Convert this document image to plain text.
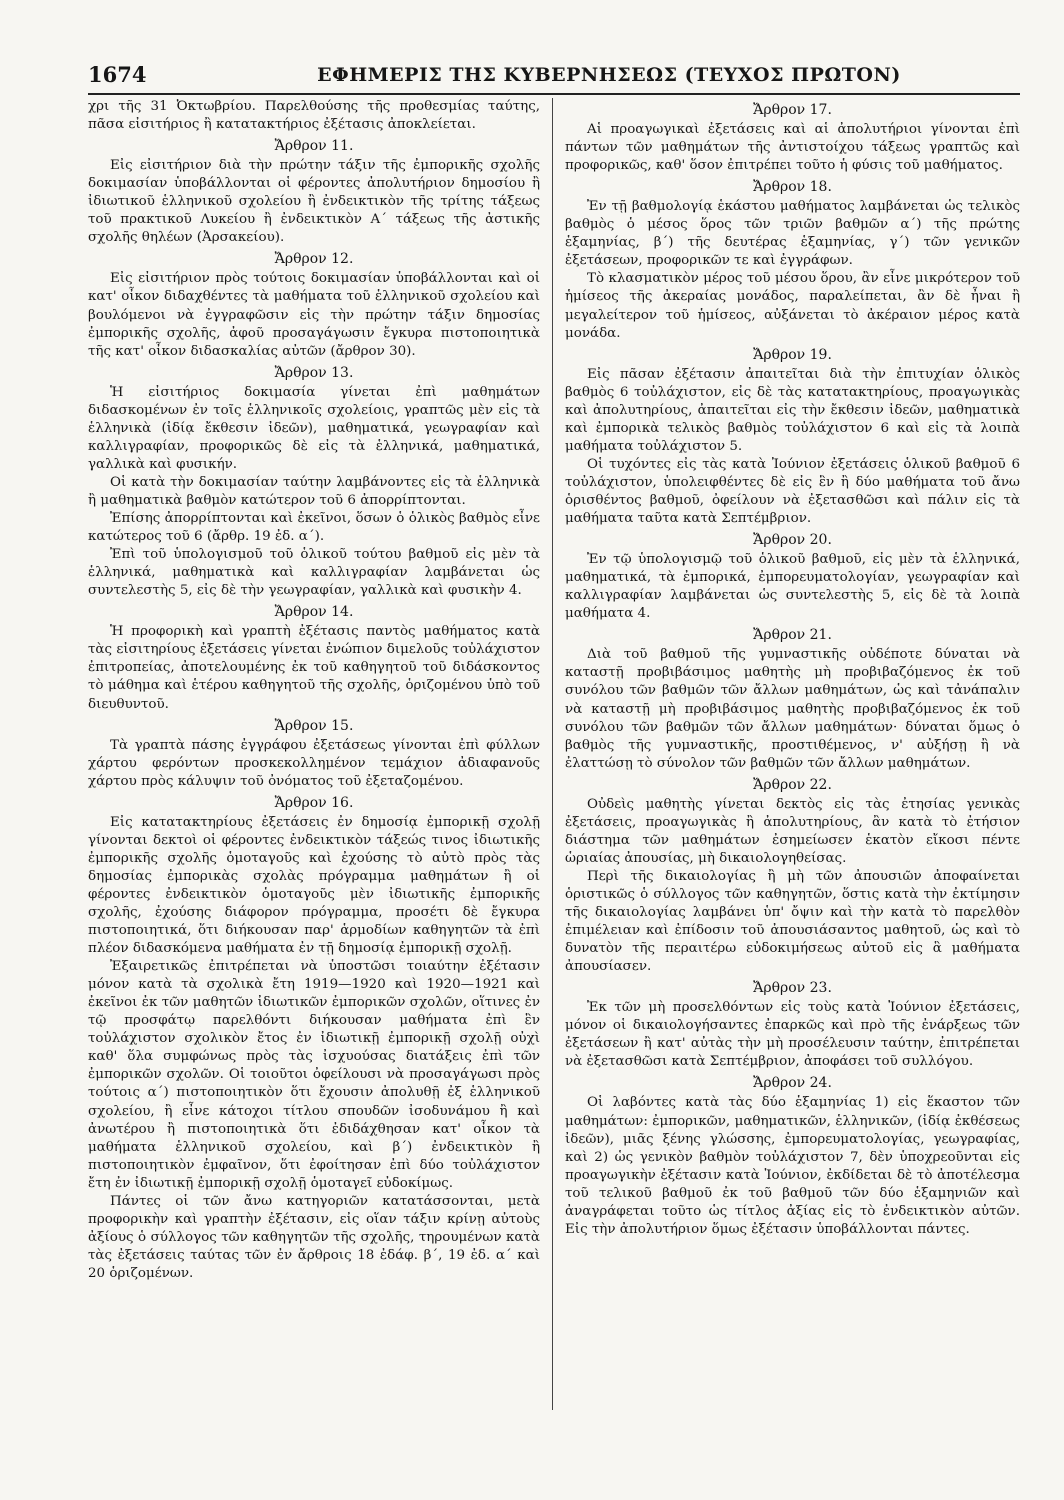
1674	ΕΦΗΜΕΡΙΣ ΤΗΣ ΚΥΒΕΡΝΗΣΕΩΣ (ΤΕΥΧΟΣ ΠΡΩΤΟΝ)

χρι τῆς 31 Ὀκτωβρίου. Παρελθούσης τῆς προθεσμίας ταύτης, πᾶσα εἰσιτήριος ἢ κατατακτήριος ἐξέτασις ἀποκλείεται.

Ἄρθρον 11.

Εἰς εἰσιτήριον διὰ τὴν πρώτην τάξιν τῆς ἐμπορικῆς σχολῆς δοκιμασίαν ὑποβάλλονται οἱ φέροντες ἀπολυτήριον δημοσίου ἢ ἰδιωτικοῦ ἑλληνικοῦ σχολείου ἢ ἐνδεικτικὸν τῆς τρίτης τάξεως τοῦ πρακτικοῦ Λυκείου ἢ ἐνδεικτικὸν Α΄ τάξεως τῆς ἀστικῆς σχολῆς θηλέων (Ἀρσακείου).

Ἄρθρον 12.

Εἰς εἰσιτήριον πρὸς τούτοις δοκιμασίαν ὑποβάλλονται καὶ οἱ κατ' οἶκον διδαχθέντες τὰ μαθήματα τοῦ ἑλληνικοῦ σχολείου καὶ βουλόμενοι νὰ ἐγγραφῶσιν εἰς τὴν πρώτην τάξιν δημοσίας ἐμπορικῆς σχολῆς, ἀφοῦ προσαγάγωσιν ἔγκυρα πιστοποιητικὰ τῆς κατ' οἶκον διδασκαλίας αὐτῶν (ἄρθρον 30).

Ἄρθρον 13.

Ἡ εἰσιτήριος δοκιμασία γίνεται ἐπὶ μαθημάτων διδασκομένων ἐν τοῖς ἑλληνικοῖς σχολείοις, γραπτῶς μὲν εἰς τὰ ἑλληνικὰ (ἰδίᾳ ἔκθεσιν ἰδεῶν), μαθηματικά, γεωγραφίαν καὶ καλλιγραφίαν, προφορικῶς δὲ εἰς τὰ ἑλληνικά, μαθηματικά, γαλλικὰ καὶ φυσικήν.

Οἱ κατὰ τὴν δοκιμασίαν ταύτην λαμβάνοντες εἰς τὰ ἑλληνικὰ ἢ μαθηματικὰ βαθμὸν κατώτερον τοῦ 6 ἀπορρίπτονται.

Ἐπίσης ἀπορρίπτονται καὶ ἐκεῖνοι, ὅσων ὁ ὁλικὸς βαθμὸς εἶνε κατώτερος τοῦ 6 (ἄρθρ. 19 ἐδ. α΄).

Ἐπὶ τοῦ ὑπολογισμοῦ τοῦ ὁλικοῦ τούτου βαθμοῦ εἰς μὲν τὰ ἑλληνικά, μαθηματικὰ καὶ καλλιγραφίαν λαμβάνεται ὡς συντελεστὴς 5, εἰς δὲ τὴν γεωγραφίαν, γαλλικὰ καὶ φυσικὴν 4.

Ἄρθρον 14.

Ἡ προφορικὴ καὶ γραπτὴ ἐξέτασις παντὸς μαθήματος κατὰ τὰς εἰσιτηρίους ἐξετάσεις γίνεται ἐνώπιον διμελοῦς τοὐλάχιστον ἐπιτροπείας, ἀποτελουμένης ἐκ τοῦ καθηγητοῦ τοῦ διδάσκοντος τὸ μάθημα καὶ ἑτέρου καθηγητοῦ τῆς σχολῆς, ὁριζομένου ὑπὸ τοῦ διευθυντοῦ.

Ἄρθρον 15.

Τὰ γραπτὰ πάσης ἐγγράφου ἐξετάσεως γίνονται ἐπὶ φύλλων χάρτου φερόντων προσκεκολλημένον τεμάχιον ἀδιαφανοῦς χάρτου πρὸς κάλυψιν τοῦ ὀνόματος τοῦ ἐξεταζομένου.

Ἄρθρον 16.

Εἰς κατατακτηρίους ἐξετάσεις ἐν δημοσίᾳ ἐμπορικῇ σχολῇ γίνονται δεκτοὶ οἱ φέροντες ἐνδεικτικὸν τάξεώς τινος ἰδιωτικῆς ἐμπορικῆς σχολῆς ὁμοταγοῦς καὶ ἐχούσης τὸ αὐτὸ πρὸς τὰς δημοσίας ἐμπορικὰς σχολὰς πρόγραμμα μαθημάτων ἢ οἱ φέροντες ἐνδεικτικὸν ὁμοταγοῦς μὲν ἰδιωτικῆς ἐμπορικῆς σχολῆς, ἐχούσης διάφορον πρόγραμμα, προσέτι δὲ ἔγκυρα πιστοποιητικά, ὅτι διήκουσαν παρ' ἁρμοδίων καθηγητῶν τὰ ἐπὶ πλέον διδασκόμενα μαθήματα ἐν τῇ δημοσίᾳ ἐμπορικῇ σχολῇ.

Ἐξαιρετικῶς ἐπιτρέπεται νὰ ὑποστῶσι τοιαύτην ἐξέτασιν μόνον κατὰ τὰ σχολικὰ ἔτη 1919—1920 καὶ 1920—1921 καὶ ἐκεῖνοι ἐκ τῶν μαθητῶν ἰδιωτικῶν ἐμπορικῶν σχολῶν, οἵτινες ἐν τῷ προσφάτῳ παρελθόντι διήκουσαν μαθήματα ἐπὶ ἓν τοὐλάχιστον σχολικὸν ἔτος ἐν ἰδιωτικῇ ἐμπορικῇ σχολῇ οὐχὶ καθ' ὅλα συμφώνως πρὸς τὰς ἰσχυούσας διατάξεις ἐπὶ τῶν ἐμπορικῶν σχολῶν. Οἱ τοιοῦτοι ὀφείλουσι νὰ προσαγάγωσι πρὸς τούτοις α΄) πιστοποιητικὸν ὅτι ἔχουσιν ἀπολυθῇ ἐξ ἑλληνικοῦ σχολείου, ἢ εἶνε κάτοχοι τίτλου σπουδῶν ἰσοδυνάμου ἢ καὶ ἀνωτέρου ἢ πιστοποιητικὰ ὅτι ἐδιδάχθησαν κατ' οἶκον τὰ μαθήματα ἑλληνικοῦ σχολείου, καὶ β΄) ἐνδεικτικὸν ἢ πιστοποιητικὸν ἐμφαῖνον, ὅτι ἐφοίτησαν ἐπὶ δύο τοὐλάχιστον ἔτη ἐν ἰδιωτικῇ ἐμπορικῇ σχολῇ ὁμοταγεῖ εὐδοκίμως.

Πάντες οἱ τῶν ἄνω κατηγοριῶν κατατάσσονται, μετὰ προφορικὴν καὶ γραπτὴν ἐξέτασιν, εἰς οἵαν τάξιν κρίνῃ αὐτοὺς ἀξίους ὁ σύλλογος τῶν καθηγητῶν τῆς σχολῆς, τηρουμένων κατὰ τὰς ἐξετάσεις ταύτας τῶν ἐν ἄρθροις 18 ἐδάφ. β΄, 19 ἐδ. α΄ καὶ 20 ὁριζομένων.

Ἄρθρον 17.

Αἱ προαγωγικαὶ ἐξετάσεις καὶ αἱ ἀπολυτήριοι γίνονται ἐπὶ πάντων τῶν μαθημάτων τῆς ἀντιστοίχου τάξεως γραπτῶς καὶ προφορικῶς, καθ' ὅσον ἐπιτρέπει τοῦτο ἡ φύσις τοῦ μαθήματος.

Ἄρθρον 18.

Ἐν τῇ βαθμολογίᾳ ἑκάστου μαθήματος λαμβάνεται ὡς τελικὸς βαθμὸς ὁ μέσος ὅρος τῶν τριῶν βαθμῶν α΄) τῆς πρώτης ἑξαμηνίας, β΄) τῆς δευτέρας ἑξαμηνίας, γ΄) τῶν γενικῶν ἐξετάσεων, προφορικῶν τε καὶ ἐγγράφων.

Τὸ κλασματικὸν μέρος τοῦ μέσου ὅρου, ἂν εἶνε μικρότερον τοῦ ἡμίσεος τῆς ἀκεραίας μονάδος, παραλείπεται, ἂν δὲ ἦναι ἢ μεγαλείτερον τοῦ ἡμίσεος, αὐξάνεται τὸ ἀκέραιον μέρος κατὰ μονάδα.

Ἄρθρον 19.

Εἰς πᾶσαν ἐξέτασιν ἀπαιτεῖται διὰ τὴν ἐπιτυχίαν ὁλικὸς βαθμὸς 6 τοὐλάχιστον, εἰς δὲ τὰς κατατακτηρίους, προαγωγικὰς καὶ ἀπολυτηρίους, ἀπαιτεῖται εἰς τὴν ἔκθεσιν ἰδεῶν, μαθηματικὰ καὶ ἐμπορικὰ τελικὸς βαθμὸς τοὐλάχιστον 6 καὶ εἰς τὰ λοιπὰ μαθήματα τοὐλάχιστον 5.

Οἱ τυχόντες εἰς τὰς κατὰ Ἰούνιον ἐξετάσεις ὁλικοῦ βαθμοῦ 6 τοὐλάχιστον, ὑπολειφθέντες δὲ εἰς ἓν ἢ δύο μαθήματα τοῦ ἄνω ὁρισθέντος βαθμοῦ, ὀφείλουν νὰ ἐξετασθῶσι καὶ πάλιν εἰς τὰ μαθήματα ταῦτα κατὰ Σεπτέμβριον.

Ἄρθρον 20.

Ἐν τῷ ὑπολογισμῷ τοῦ ὁλικοῦ βαθμοῦ, εἰς μὲν τὰ ἑλληνικά, μαθηματικά, τὰ ἐμπορικά, ἐμπορευματολογίαν, γεωγραφίαν καὶ καλλιγραφίαν λαμβάνεται ὡς συντελεστὴς 5, εἰς δὲ τὰ λοιπὰ μαθήματα 4.

Ἄρθρον 21.

Διὰ τοῦ βαθμοῦ τῆς γυμναστικῆς οὐδέποτε δύναται νὰ καταστῇ προβιβάσιμος μαθητὴς μὴ προβιβαζόμενος ἐκ τοῦ συνόλου τῶν βαθμῶν τῶν ἄλλων μαθημάτων, ὡς καὶ τἀνάπαλιν νὰ καταστῇ μὴ προβιβάσιμος μαθητὴς προβιβαζόμενος ἐκ τοῦ συνόλου τῶν βαθμῶν τῶν ἄλλων μαθημάτων· δύναται ὅμως ὁ βαθμὸς τῆς γυμναστικῆς, προστιθέμενος, ν' αὐξήσῃ ἢ νὰ ἐλαττώσῃ τὸ σύνολον τῶν βαθμῶν τῶν ἄλλων μαθημάτων.

Ἄρθρον 22.

Οὐδεὶς μαθητὴς γίνεται δεκτὸς εἰς τὰς ἐτησίας γενικὰς ἐξετάσεις, προαγωγικὰς ἢ ἀπολυτηρίους, ἂν κατὰ τὸ ἐτήσιον διάστημα τῶν μαθημάτων ἐσημείωσεν ἑκατὸν εἴκοσι πέντε ὡριαίας ἀπουσίας, μὴ δικαιολογηθείσας.

Περὶ τῆς δικαιολογίας ἢ μὴ τῶν ἀπουσιῶν ἀποφαίνεται ὁριστικῶς ὁ σύλλογος τῶν καθηγητῶν, ὅστις κατὰ τὴν ἐκτίμησιν τῆς δικαιολογίας λαμβάνει ὑπ' ὄψιν καὶ τὴν κατὰ τὸ παρελθὸν ἐπιμέλειαν καὶ ἐπίδοσιν τοῦ ἀπουσιάσαντος μαθητοῦ, ὡς καὶ τὸ δυνατὸν τῆς περαιτέρω εὐδοκιμήσεως αὐτοῦ εἰς ἃ μαθήματα ἀπουσίασεν.

Ἄρθρον 23.

Ἐκ τῶν μὴ προσελθόντων εἰς τοὺς κατὰ Ἰούνιον ἐξετάσεις, μόνον οἱ δικαιολογήσαντες ἐπαρκῶς καὶ πρὸ τῆς ἐνάρξεως τῶν ἐξετάσεων ἢ κατ' αὐτὰς τὴν μὴ προσέλευσιν ταύτην, ἐπιτρέπεται νὰ ἐξετασθῶσι κατὰ Σεπτέμβριον, ἀποφάσει τοῦ συλλόγου.

Ἄρθρον 24.

Οἱ λαβόντες κατὰ τὰς δύο ἑξαμηνίας 1) εἰς ἕκαστον τῶν μαθημάτων: ἐμπορικῶν, μαθηματικῶν, ἑλληνικῶν, (ἰδίᾳ ἐκθέσεως ἰδεῶν), μιᾶς ξένης γλώσσης, ἐμπορευματολογίας, γεωγραφίας, καὶ 2) ὡς γενικὸν βαθμὸν τοὐλάχιστον 7, δὲν ὑποχρεοῦνται εἰς προαγωγικὴν ἐξέτασιν κατὰ Ἰούνιον, ἐκδίδεται δὲ τὸ ἀποτέλεσμα τοῦ τελικοῦ βαθμοῦ ἐκ τοῦ βαθμοῦ τῶν δύο ἑξαμηνιῶν καὶ ἀναγράφεται τοῦτο ὡς τίτλος ἀξίας εἰς τὸ ἐνδεικτικὸν αὐτῶν. Εἰς τὴν ἀπολυτήριον ὅμως ἐξέτασιν ὑποβάλλονται πάντες.
